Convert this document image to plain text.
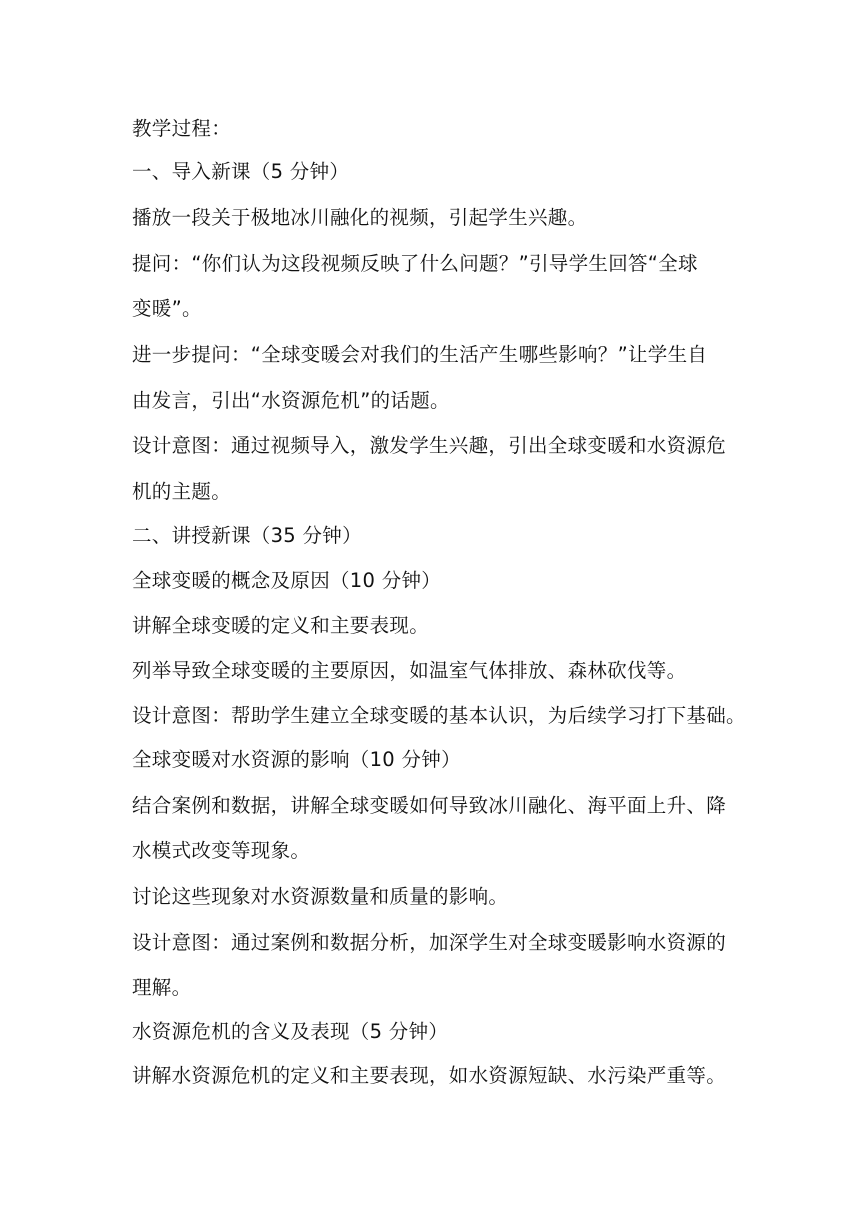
教学过程：
一、导入新课（5 分钟）
播放一段关于极地冰川融化的视频，引起学生兴趣。
提问：“你们认为这段视频反映了什么问题？”引导学生回答“全球
变暖”。
进一步提问：“全球变暖会对我们的生活产生哪些影响？”让学生自
由发言，引出“水资源危机”的话题。
设计意图：通过视频导入，激发学生兴趣，引出全球变暖和水资源危
机的主题。
二、讲授新课（35 分钟）
全球变暖的概念及原因（10 分钟）
讲解全球变暖的定义和主要表现。
列举导致全球变暖的主要原因，如温室气体排放、森林砍伐等。
设计意图：帮助学生建立全球变暖的基本认识，为后续学习打下基础。
全球变暖对水资源的影响（10 分钟）
结合案例和数据，讲解全球变暖如何导致冰川融化、海平面上升、降
水模式改变等现象。
讨论这些现象对水资源数量和质量的影响。
设计意图：通过案例和数据分析，加深学生对全球变暖影响水资源的
理解。
水资源危机的含义及表现（5 分钟）
讲解水资源危机的定义和主要表现，如水资源短缺、水污染严重等。
